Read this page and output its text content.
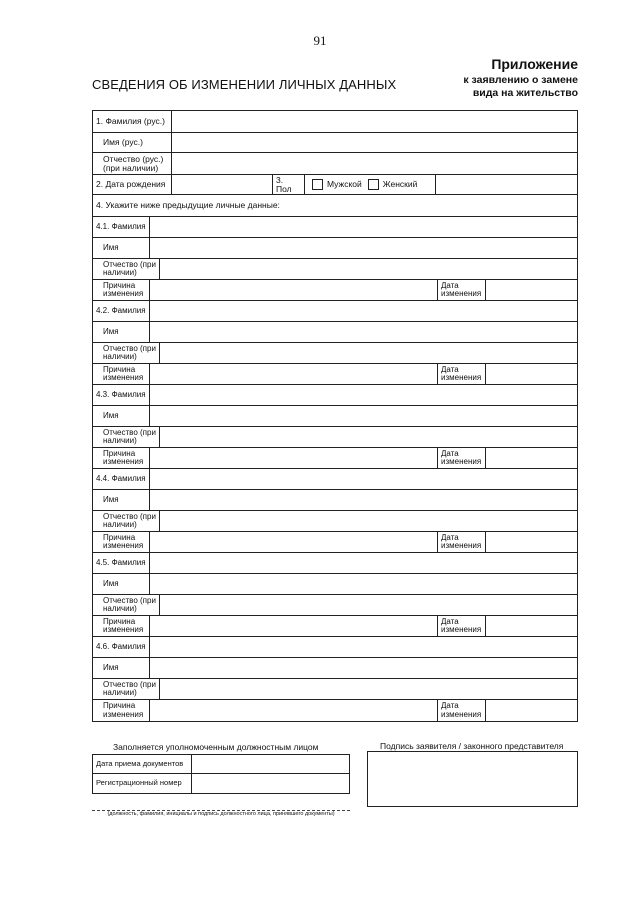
91
Приложение
к заявлению о замене
вида на жительство
СВЕДЕНИЯ ОБ ИЗМЕНЕНИИ ЛИЧНЫХ ДАННЫХ
1. Фамилия (рус.)
Имя (рус.)
Отчество (рус.) (при наличии)
2. Дата рождения	3. Пол	Мужской Женский
4. Укажите ниже предыдущие личные данные:
4.1. Фамилия
Имя
Отчество (при наличии)
Причина изменения
Дата изменения
4.2. Фамилия
Имя
Отчество (при наличии)
Причина изменения
Дата изменения
4.3. Фамилия
Имя
Отчество (при наличии)
Причина изменения
Дата изменения
4.4. Фамилия
Имя
Отчество (при наличии)
Причина изменения
Дата изменения
4.5. Фамилия
Имя
Отчество (при наличии)
Причина изменения
Дата изменения
4.6. Фамилия
Имя
Отчество (при наличии)
Причина изменения
Дата изменения
Заполняется уполномоченным должностным лицом	Подпись заявителя / законного представителя
Дата приема документов
Регистрационный номер
(должность, фамилия, инициалы и подпись должностного лица, принявшего документы)
